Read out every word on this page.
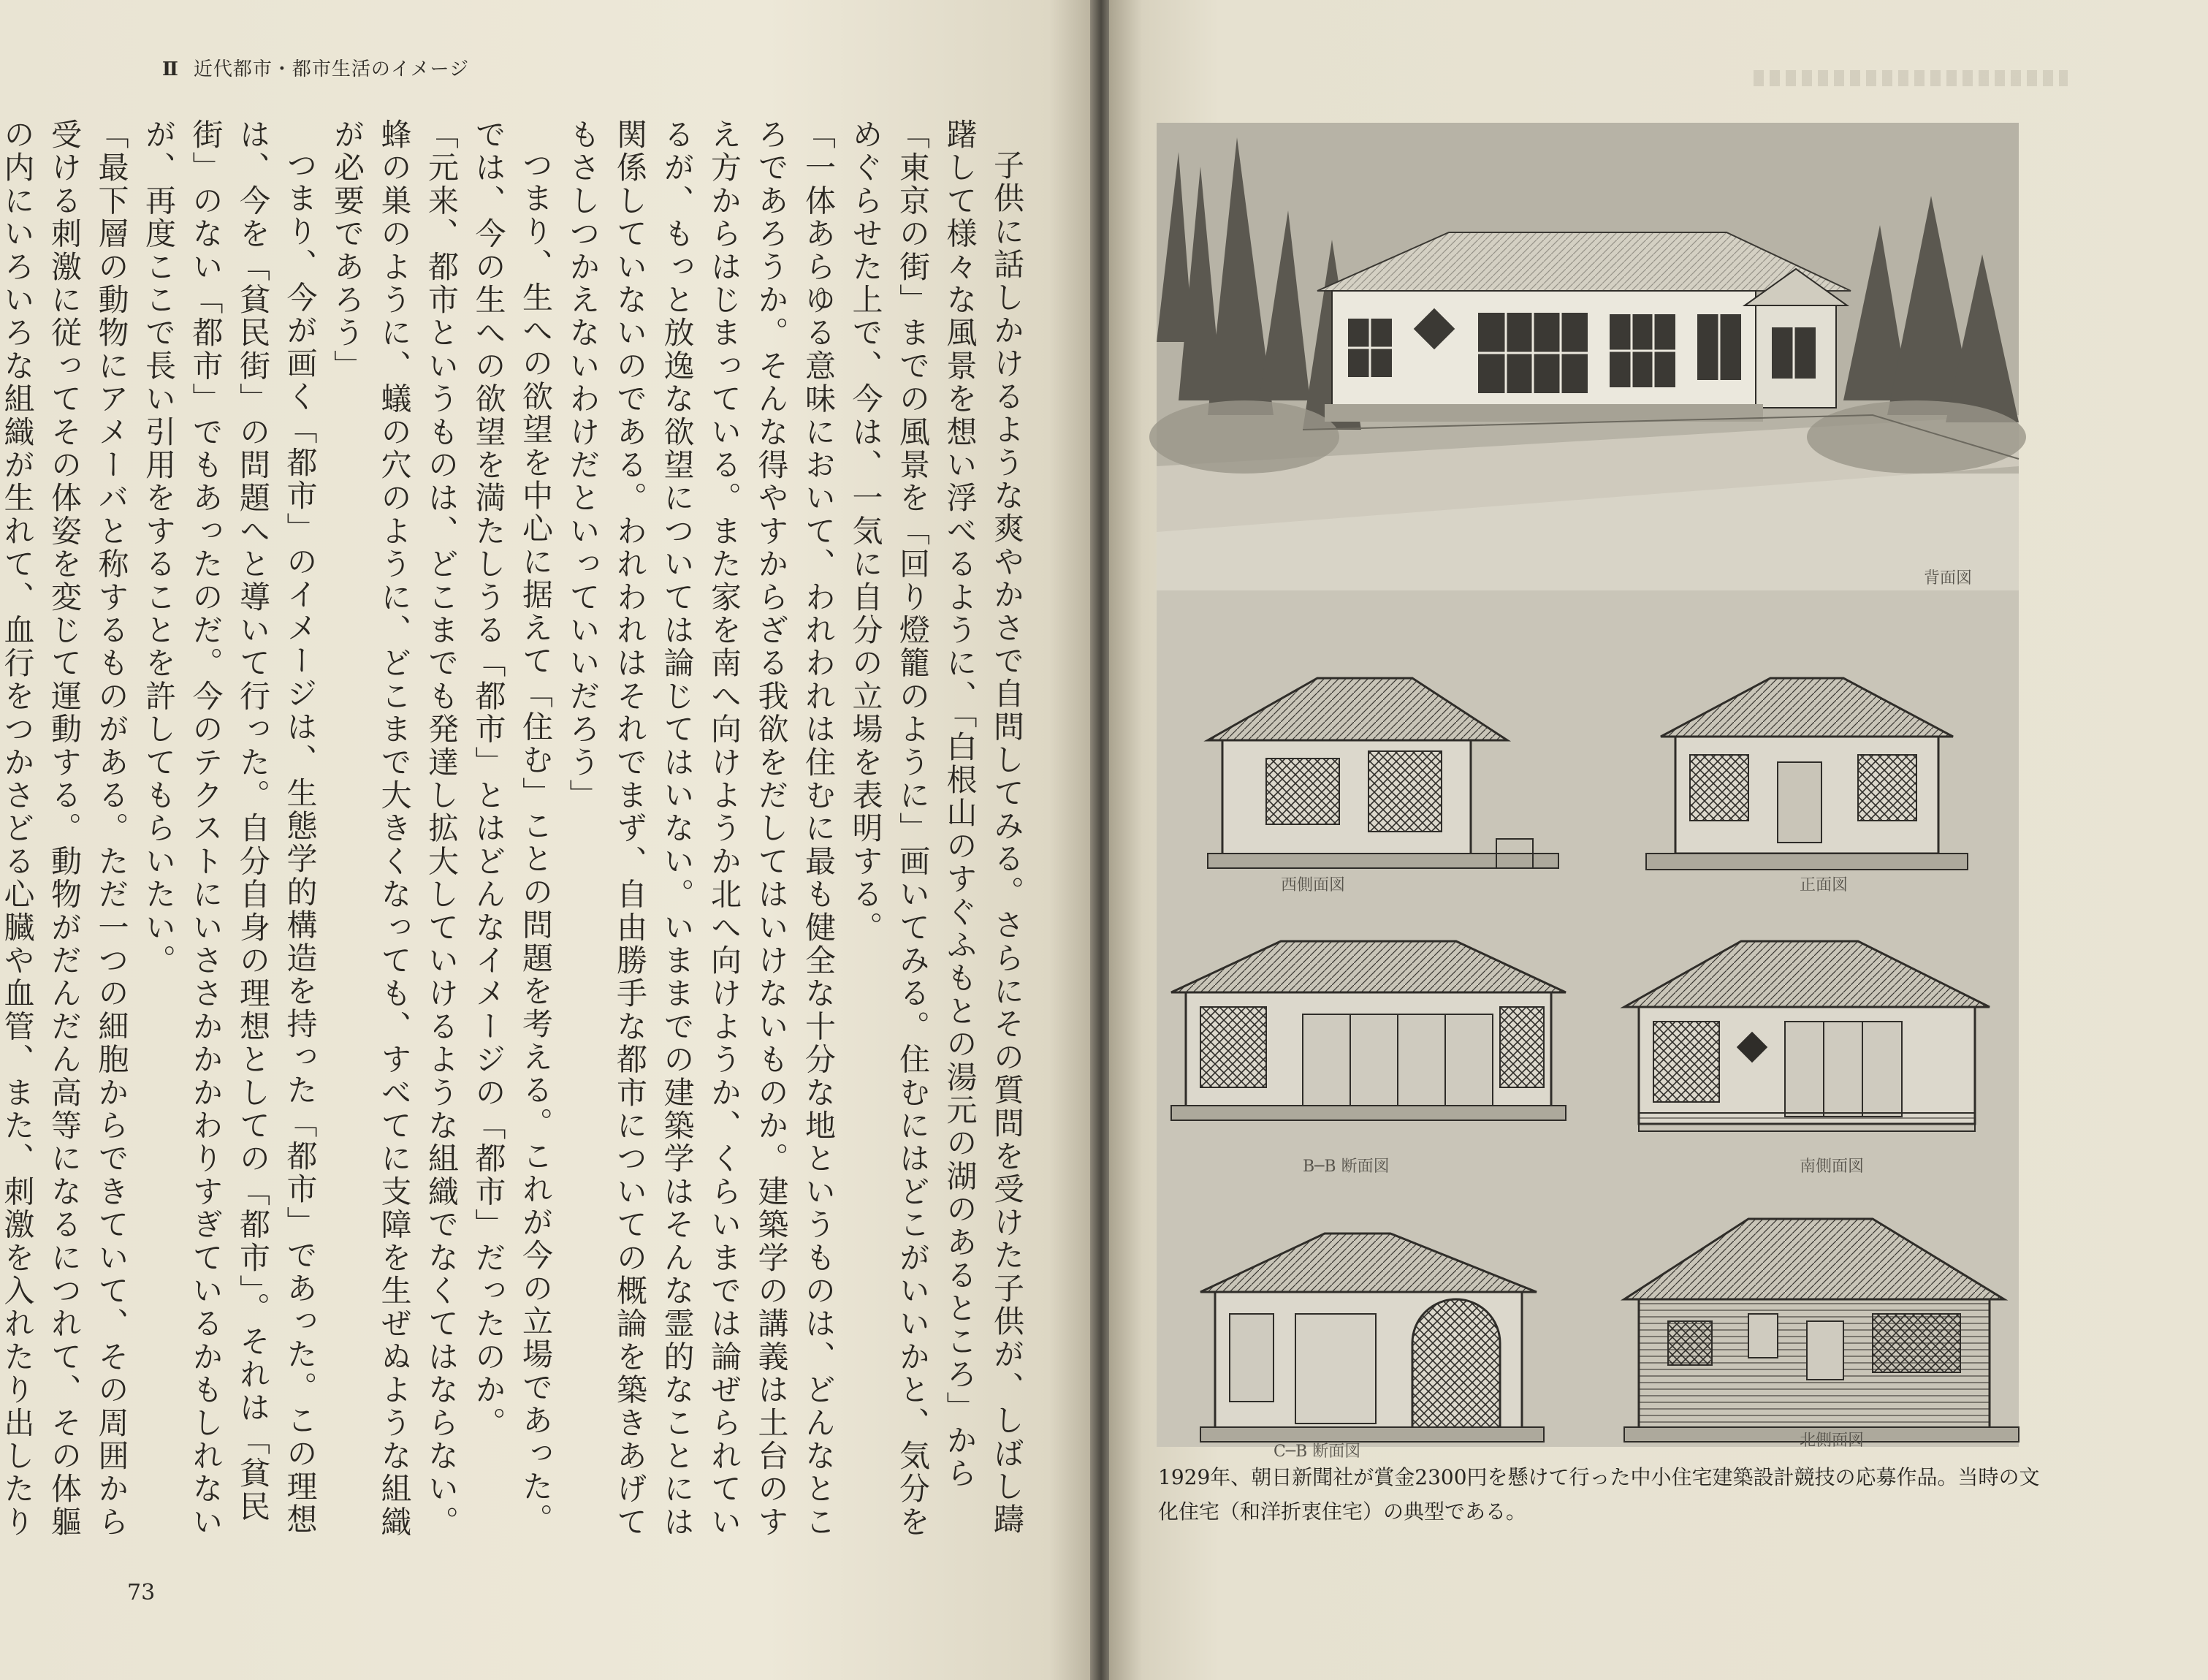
Ⅱ 近代都市・都市生活のイメージ

子供に話しかけるような爽やかさで自問してみる。さらにその質問を受けた子供が、しばし躊躇して様々な風景を想い浮べるように、「白根山のすぐふもとの湯元の湖のあるところ」から「東京の街」までの風景を「回り燈籠のように」画いてみる。住むにはどこがいいかと、気分をめぐらせた上で、今は、一気に自分の立場を表明する。

「一体あらゆる意味において、われわれは住むに最も健全な十分な地というものは、どんなところであろうか。そんな得やすからざる我欲をだしてはいけないものか。建築学の講義は土台のすえ方からはじまっている。また家を南へ向けようか北へ向けようか、くらいまでは論ぜられているが、もっと放逸な欲望については論じてはいない。いままでの建築学はそんな霊的なことには関係していないのである。われわれはそれでまず、自由勝手な都市についての概論を築きあげてもさしつかえないわけだといっていいだろう」

つまり、生への欲望を中心に据えて「住む」ことの問題を考える。これが今の立場であった。では、今の生への欲望を満たしうる「都市」とはどんなイメージの「都市」だったのか。

「元来、都市というものは、どこまでも発達し拡大していけるような組織でなくてはならない。蜂の巣のように、蟻の穴のように、どこまで大きくなっても、すべてに支障を生ぜぬような組織が必要であろう」

つまり、今が画く「都市」のイメージは、生態学的構造を持った「都市」であった。この理想は、今を「貧民街」の問題へと導いて行った。自分自身の理想としての「都市」。それは「貧民街」のない「都市」でもあったのだ。今のテクストにいささかかかわりすぎているかもしれないが、再度ここで長い引用をすることを許してもらいたい。

「最下層の動物にアメーバと称するものがある。ただ一つの細胞からできていて、その周囲から受ける刺激に従ってその体姿を変じて運動する。動物がだんだん高等になるにつれて、その体軀の内にいろいろな組織が生れて、血行をつかさどる心臓や血管、また、刺激を入れたり出したり

73
背面図
西側面図	正面図
B─B 断面図	南側面図
C─B 断面図
北側面図
1929年、朝日新聞社が賞金2300円を懸けて行った中小住宅建築設計競技の応募作品。当時の文化住宅（和洋折衷住宅）の典型である。
